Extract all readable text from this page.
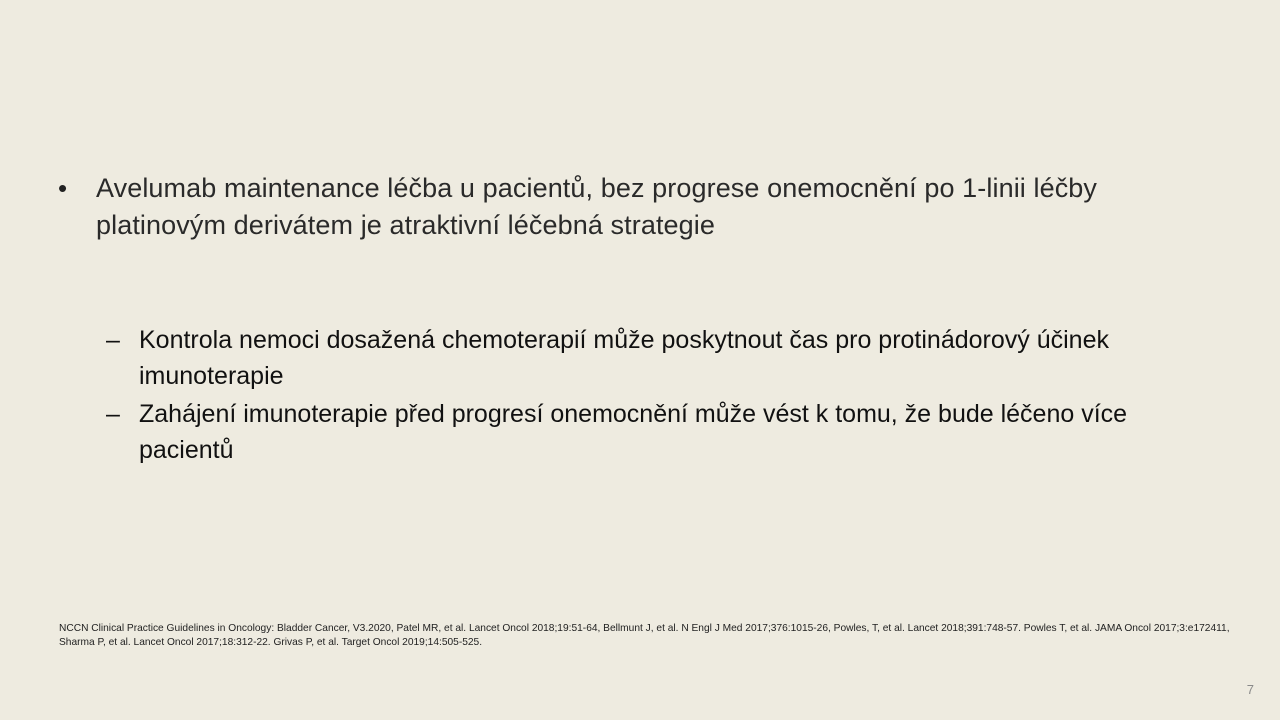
•	Avelumab maintenance léčba u pacientů, bez progrese onemocnění po 1-linii léčby platinovým derivátem je atraktivní léčebná strategie
– Kontrola nemoci dosažená chemoterapií může poskytnout čas pro protinádorový účinek imunoterapie
– Zahájení imunoterapie před progresí onemocnění může vést k tomu, že bude léčeno více pacientů
NCCN Clinical Practice Guidelines in Oncology: Bladder Cancer, V3.2020, Patel MR, et al. Lancet Oncol 2018;19:51-64, Bellmunt J, et al. N Engl J Med 2017;376:1015-26, Powles, T, et al. Lancet 2018;391:748-57. Powles T, et al. JAMA Oncol 2017;3:e172411, Sharma P, et al. Lancet Oncol 2017;18:312-22. Grivas P, et al. Target Oncol 2019;14:505-525.
7
